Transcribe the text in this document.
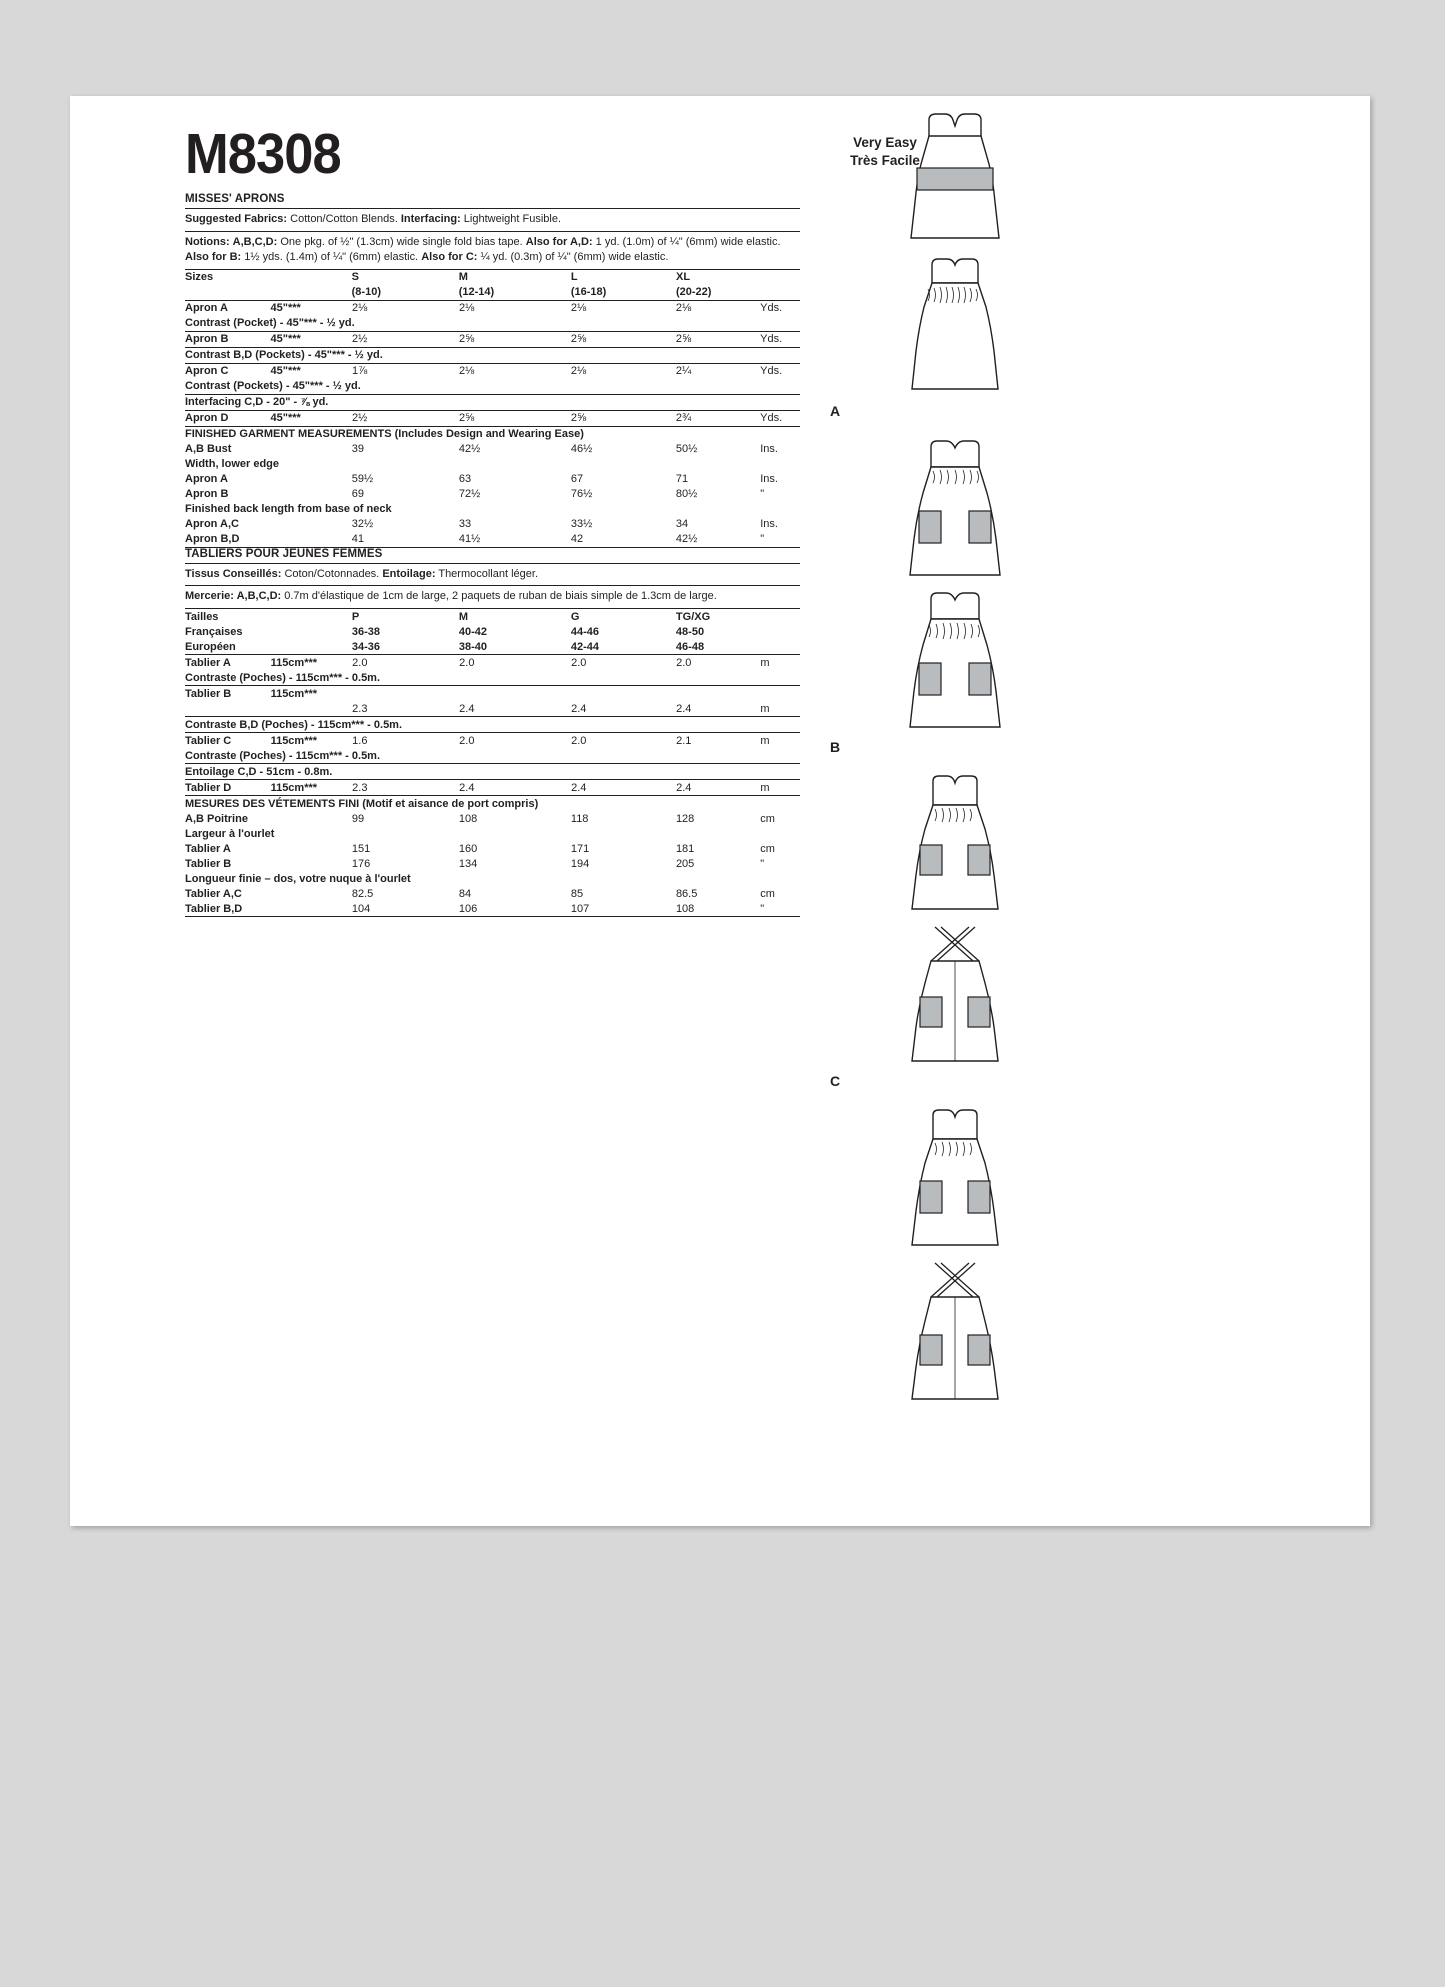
Very Easy
Très Facile
M8308
MISSES' APRONS
Suggested Fabrics: Cotton/Cotton Blends. Interfacing: Lightweight Fusible.
Notions: A,B,C,D: One pkg. of ½" (1.3cm) wide single fold bias tape. Also for A,D: 1 yd. (1.0m) of ¼" (6mm) wide elastic. Also for B: 1½ yds. (1.4m) of ¼" (6mm) elastic. Also for C: ¼ yd. (0.3m) of ¼" (6mm) wide elastic.
Sizes		S	M	L	XL	
		(8-10)	(12-14)	(16-18)	(20-22)	
Apron A	45"***	2⅛	2⅛	2⅛	2⅛	Yds.
Contrast (Pocket) - 45"*** - ½ yd.						
Apron B	45"***	2½	2⅝	2⅝	2⅝	Yds.
Contrast B,D (Pockets) - 45"*** - ½ yd.						
Apron C	45"***	1⅞	2⅛	2⅛	2¼	Yds.
Contrast (Pockets) - 45"*** - ½ yd.						
Interfacing C,D - 20" - ⅞ yd.						
Apron D	45"***	2½	2⅝	2⅝	2¾	Yds.
FINISHED GARMENT MEASUREMENTS (Includes Design and Wearing Ease)						
A,B Bust		39	42½	46½	50½	Ins.
Width, lower edge						
Apron A		59½	63	67	71	Ins.
Apron B		69	72½	76½	80½	"
Finished back length from base of neck						
Apron A,C		32½	33	33½	34	Ins.
Apron B,D		41	41½	42	42½	"
TABLIERS POUR JEUNES FEMMES
Tissus Conseillés: Coton/Cotonnades. Entoilage: Thermocollant léger.
Mercerie: A,B,C,D: 0.7m d'élastique de 1cm de large, 2 paquets de ruban de biais simple de 1.3cm de large.
Tailles		P	M	G	TG/XG	
Françaises		36-38	40-42	44-46	48-50	
Européen		34-36	38-40	42-44	46-48	
Tablier A	115cm***	2.0	2.0	2.0	2.0	m
Contraste (Poches) - 115cm*** - 0.5m.						
Tablier B	115cm***					
		2.3	2.4	2.4	2.4	m
Contraste B,D (Poches) - 115cm*** - 0.5m.						
Tablier C	115cm***	1.6	2.0	2.0	2.1	m
Contraste (Poches) - 115cm*** - 0.5m.						
Entoilage C,D - 51cm - 0.8m.						
Tablier D	115cm***	2.3	2.4	2.4	2.4	m
MESURES DES VÉTEMENTS FINI (Motif et aisance de port compris)						
A,B Poitrine		99	108	118	128	cm
Largeur à l'ourlet						
Tablier A		151	160	171	181	cm
Tablier B		176	134	194	205	"
Longueur finie – dos, votre nuque à l'ourlet						
Tablier A,C		82.5	84	85	86.5	cm
Tablier B,D		104	106	107	108	"
A
B
C
